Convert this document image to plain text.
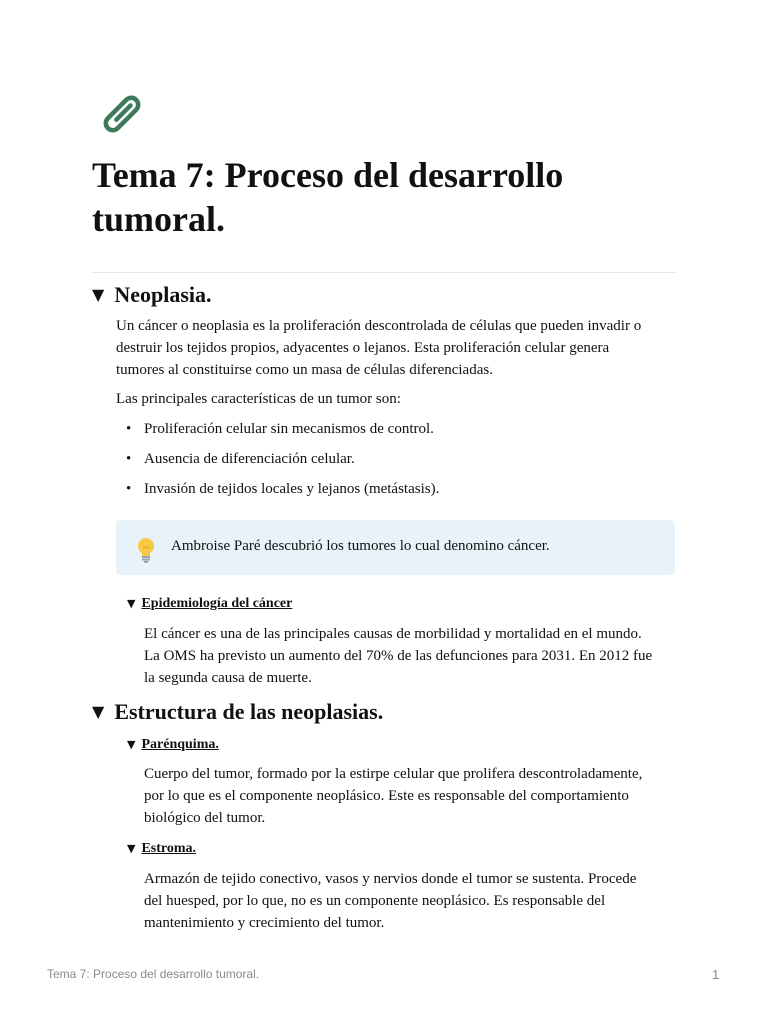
Tema 7: Proceso del desarrollo tumoral.
▼ Neoplasia.

Un cáncer o neoplasia es la proliferación descontrolada de células que pueden invadir o

destruir los tejidos propios, adyacentes o lejanos. Esta proliferación celular genera

tumores al constituirse como un masa de células diferenciadas.

Las principales características de un tumor son:

• Proliferación celular sin mecanismos de control.
• Ausencia de diferenciación celular.
• Invasión de tejidos locales y lejanos (metástasis).
Ambroise Paré descubrió los tumores lo cual denomino cáncer.
▼ Epidemiología del cáncer

El cáncer es una de las principales causas de morbilidad y mortalidad en el mundo.

La OMS ha previsto un aumento del 70% de las defunciones para 2031. En 2012 fue

la segunda causa de muerte.

▼ Estructura de las neoplasias.
▼ Parénquima.

Cuerpo del tumor, formado por la estirpe celular que prolifera descontroladamente,

por lo que es el componente neoplásico. Este es responsable del comportamiento

biológico del tumor.

▼ Estroma.

Armazón de tejido conectivo, vasos y nervios donde el tumor se sustenta. Procede

del huesped, por lo que, no es un componente neoplásico. Es responsable del

mantenimiento y crecimiento del tumor.

Tema 7: Proceso del desarrollo tumoral.	1
